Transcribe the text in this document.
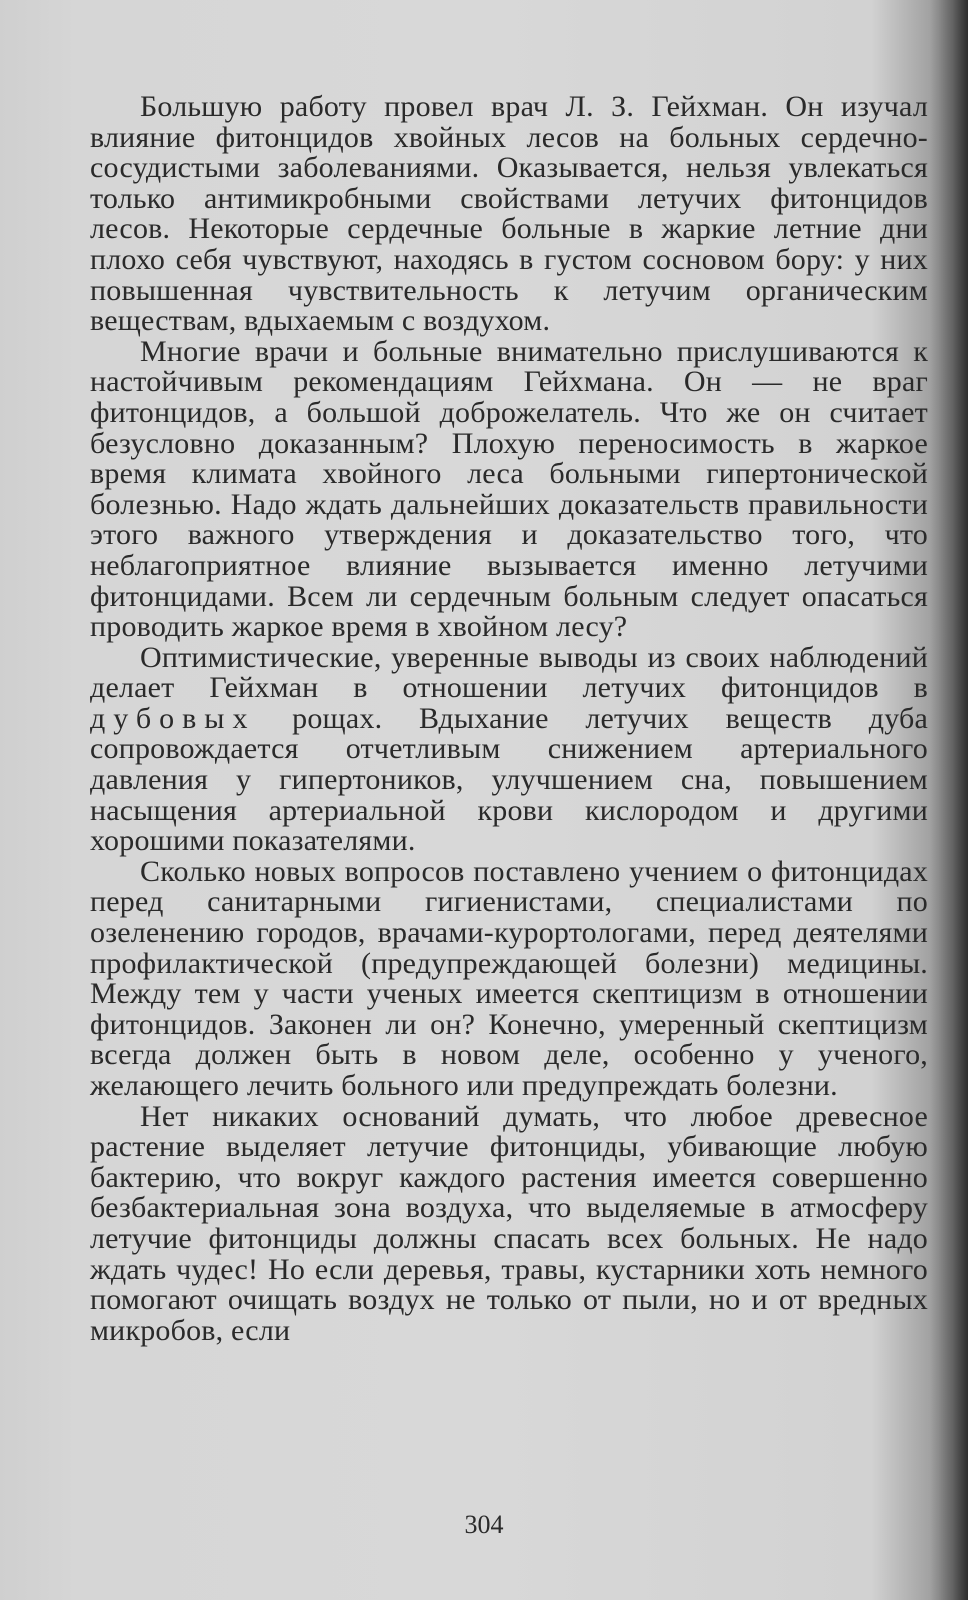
Большую работу провел врач Л. З. Гейхман. Он изучал влияние фитонцидов хвойных лесов на больных сердечно-сосудистыми заболеваниями. Оказывается, нельзя увлекаться только антимикробными свойствами летучих фитонцидов лесов. Некоторые сердечные больные в жаркие летние дни плохо себя чувствуют, находясь в густом сосновом бору: у них повышенная чувствительность к летучим органическим веществам, вдыхаемым с воздухом.

Многие врачи и больные внимательно прислушиваются к настойчивым рекомендациям Гейхмана. Он — не враг фитонцидов, а большой доброжелатель. Что же он считает безусловно доказанным? Плохую переносимость в жаркое время климата хвойного леса больными гипертонической болезнью. Надо ждать дальнейших доказательств правильности этого важного утверждения и доказательство того, что неблагоприятное влияние вызывается именно летучими фитонцидами. Всем ли сердечным больным следует опасаться проводить жаркое время в хвойном лесу?

Оптимистические, уверенные выводы из своих наблюдений делает Гейхман в отношении летучих фитонцидов в дубовых рощах. Вдыхание летучих веществ дуба сопровождается отчетливым снижением артериального давления у гипертоников, улучшением сна, повышением насыщения артериальной крови кислородом и другими хорошими показателями.

Сколько новых вопросов поставлено учением о фитонцидах перед санитарными гигиенистами, специалистами по озеленению городов, врачами-курортологами, перед деятелями профилактической (предупреждающей болезни) медицины. Между тем у части ученых имеется скептицизм в отношении фитонцидов. Законен ли он? Конечно, умеренный скептицизм всегда должен быть в новом деле, особенно у ученого, желающего лечить больного или предупреждать болезни.

Нет никаких оснований думать, что любое древесное растение выделяет летучие фитонциды, убивающие любую бактерию, что вокруг каждого растения имеется совершенно безбактериальная зона воздуха, что выделяемые в атмосферу летучие фитонциды должны спасать всех больных. Не надо ждать чудес! Но если деревья, травы, кустарники хоть немного помогают очищать воздух не только от пыли, но и от вредных микробов, если

304
